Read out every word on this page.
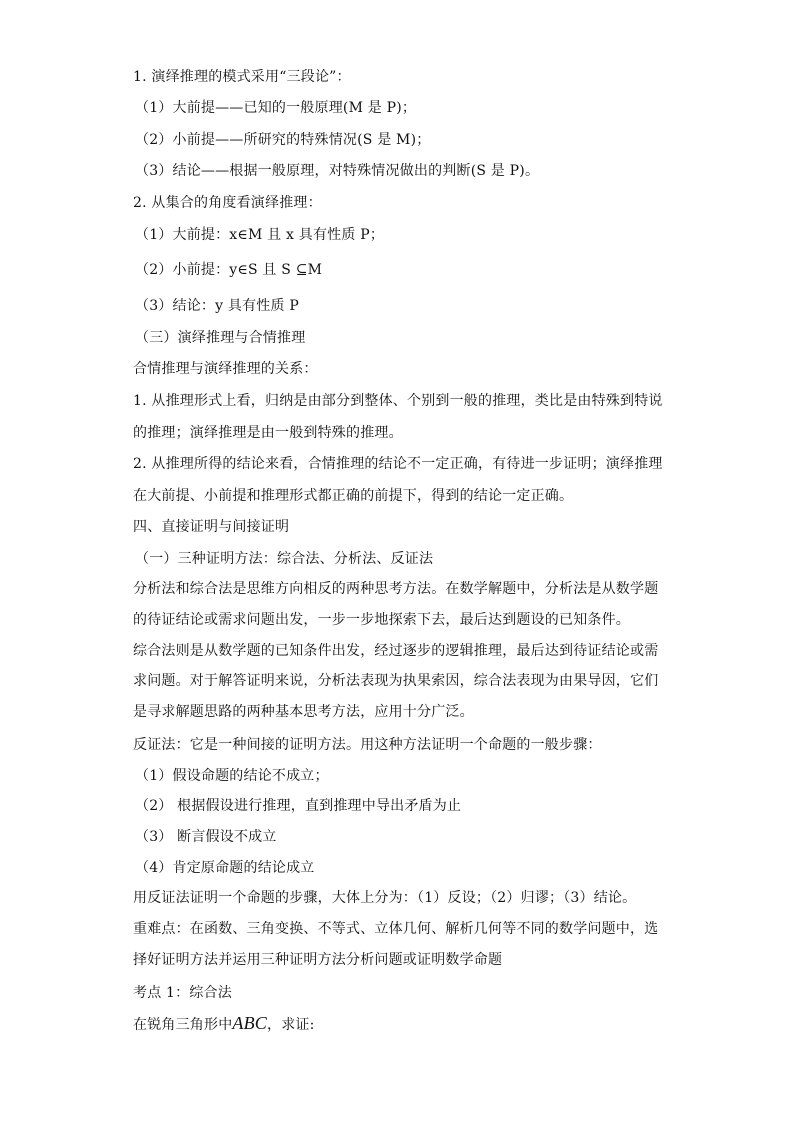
1. 演绎推理的模式采用“三段论”：
（1）大前提——已知的一般原理(M 是 P)；
（2）小前提——所研究的特殊情况(S 是 M)；
（3）结论——根据一般原理，对特殊情况做出的判断(S 是 P)。
2. 从集合的角度看演绎推理：
（1）大前提：x∈M 且 x 具有性质 P；
（2）小前提：y∈S 且 S ⊆M
（3）结论：y 具有性质 P
（三）演绎推理与合情推理
合情推理与演绎推理的关系：
1. 从推理形式上看，归纳是由部分到整体、个别到一般的推理，类比是由特殊到特说
的推理；演绎推理是由一般到特殊的推理。
2. 从推理所得的结论来看，合情推理的结论不一定正确，有待进一步证明；演绎推理
在大前提、小前提和推理形式都正确的前提下，得到的结论一定正确。
四、直接证明与间接证明
（一）三种证明方法：综合法、分析法、反证法
分析法和综合法是思维方向相反的两种思考方法。在数学解题中，分析法是从数学题
的待证结论或需求问题出发，一步一步地探索下去，最后达到题设的已知条件。
综合法则是从数学题的已知条件出发，经过逐步的逻辑推理，最后达到待证结论或需
求问题。对于解答证明来说，分析法表现为执果索因，综合法表现为由果导因，它们
是寻求解题思路的两种基本思考方法，应用十分广泛。
反证法：它是一种间接的证明方法。用这种方法证明一个命题的一般步骤：
（1）假设命题的结论不成立；
（2） 根据假设进行推理，直到推理中导出矛盾为止
（3） 断言假设不成立
（4）肯定原命题的结论成立
用反证法证明一个命题的步骤，大体上分为：（1）反设；（2）归谬；（3）结论。
重难点：在函数、三角变换、不等式、立体几何、解析几何等不同的数学问题中，选
择好证明方法并运用三种证明方法分析问题或证明数学命题
考点 1：综合法
在锐角三角形中ABC，求证:
